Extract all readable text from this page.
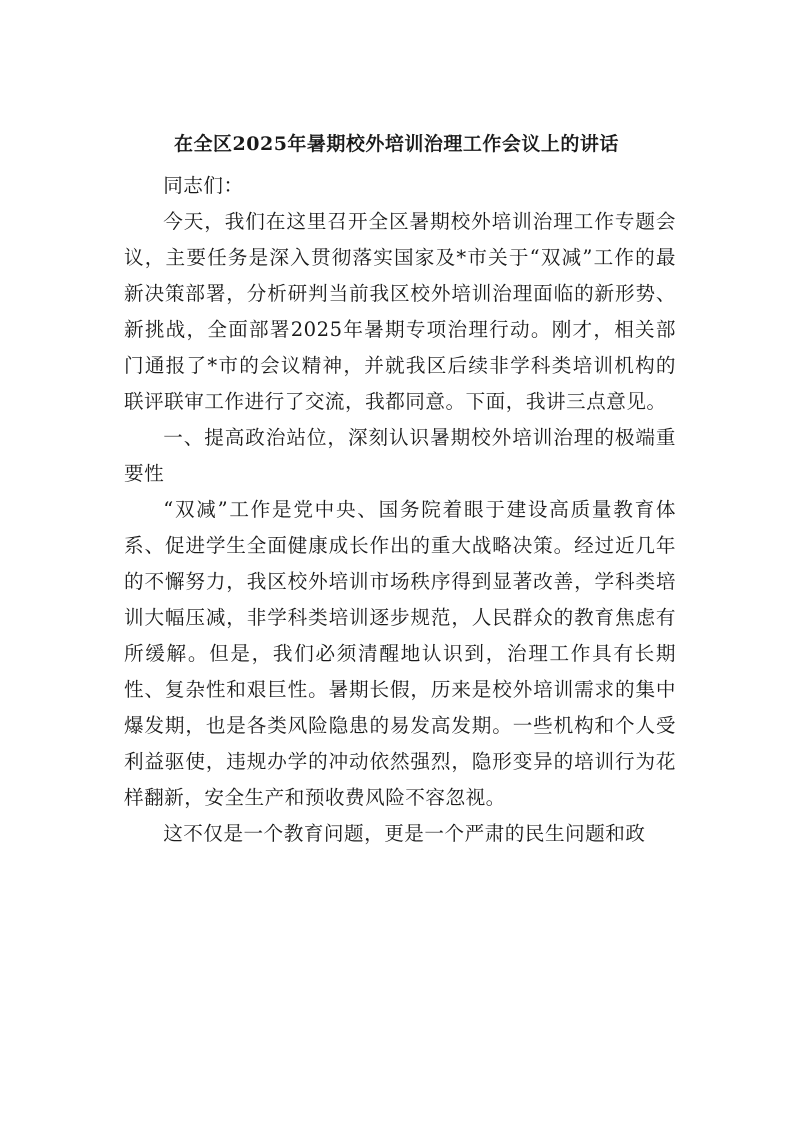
在全区2025年暑期校外培训治理工作会议上的讲话

同志们：

今天，我们在这里召开全区暑期校外培训治理工作专题会议，主要任务是深入贯彻落实国家及*市关于“双减”工作的最新决策部署，分析研判当前我区校外培训治理面临的新形势、新挑战，全面部署2025年暑期专项治理行动。刚才，相关部门通报了*市的会议精神，并就我区后续非学科类培训机构的联评联审工作进行了交流，我都同意。下面，我讲三点意见。

一、提高政治站位，深刻认识暑期校外培训治理的极端重要性

“双减”工作是党中央、国务院着眼于建设高质量教育体系、促进学生全面健康成长作出的重大战略决策。经过近几年的不懈努力，我区校外培训市场秩序得到显著改善，学科类培训大幅压减，非学科类培训逐步规范，人民群众的教育焦虑有所缓解。但是，我们必须清醒地认识到，治理工作具有长期性、复杂性和艰巨性。暑期长假，历来是校外培训需求的集中爆发期，也是各类风险隐患的易发高发期。一些机构和个人受利益驱使，违规办学的冲动依然强烈，隐形变异的培训行为花样翻新，安全生产和预收费风险不容忽视。

这不仅是一个教育问题，更是一个严肃的民生问题和政
